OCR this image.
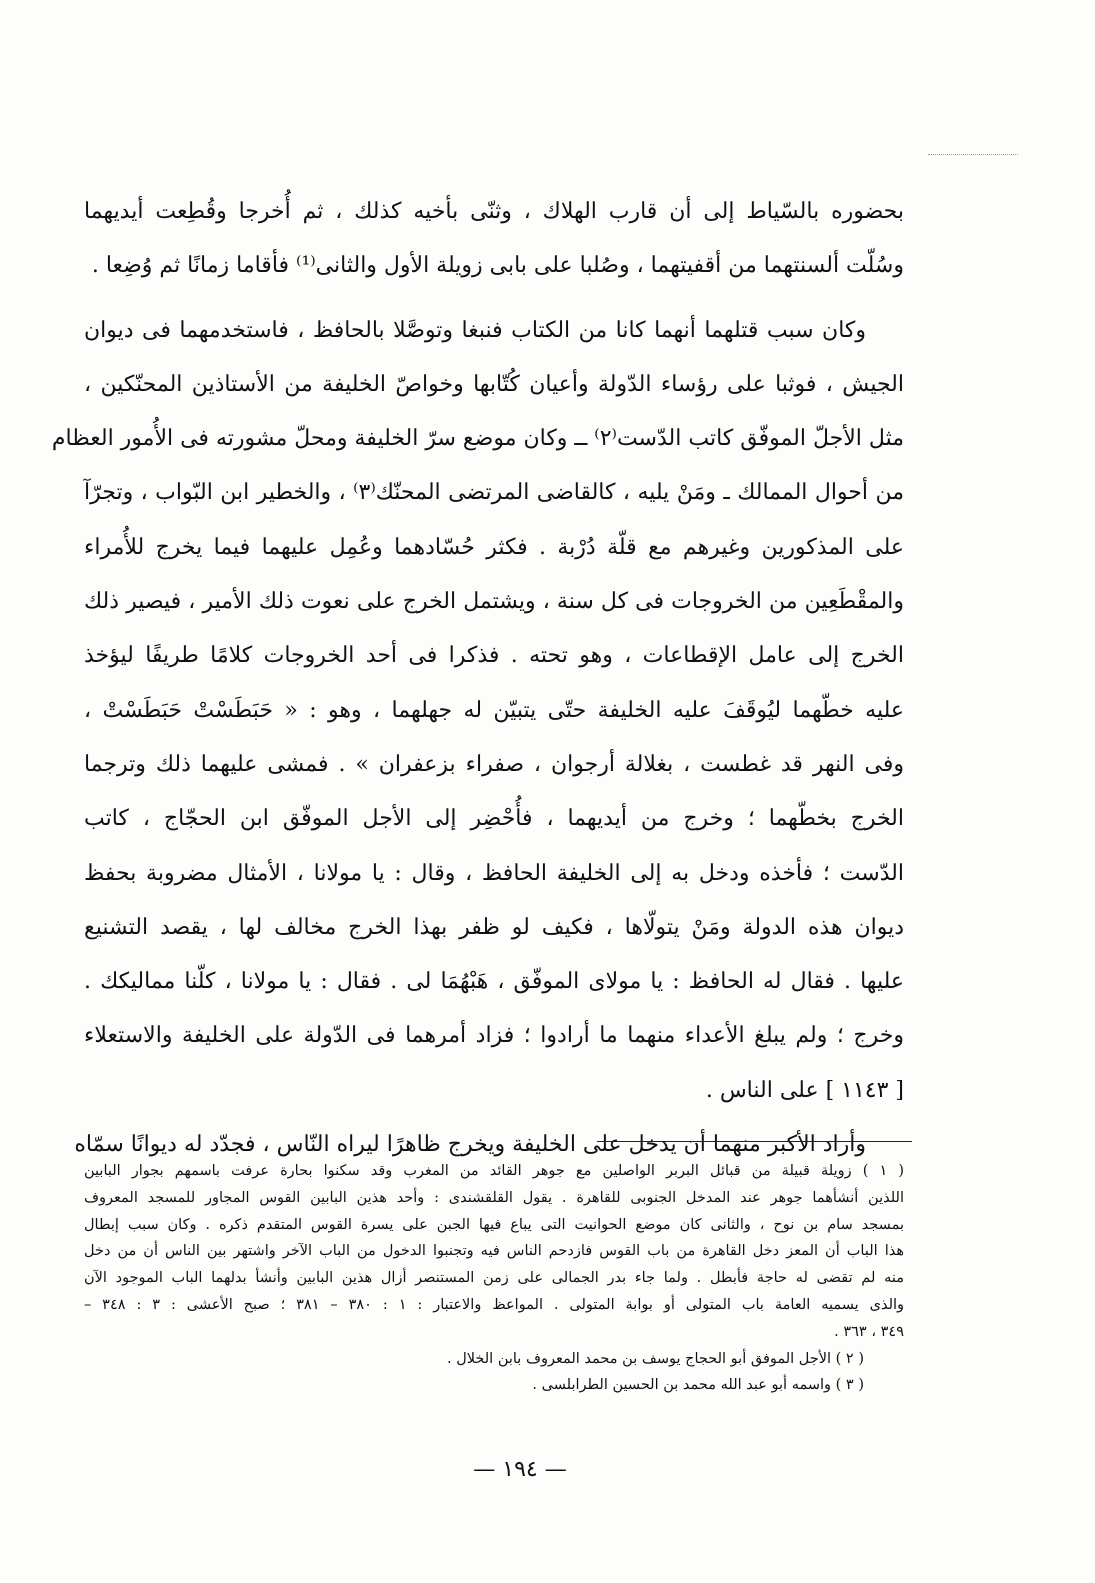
بحضوره بالسّياط إلى أن قارب الهلاك ، وثنّى بأخيه كذلك ، ثم أُخرجا وقُطِعت أيديهما
وسُلّت ألسنتهما من أقفيتهما ، وصُلبا على بابى زويلة الأول والثانى⁽¹⁾ فأقاما زمانًا ثم وُضِعا .
وكان سبب قتلهما أنهما كانا من الكتاب فنبغا وتوصَّلا بالحافظ ، فاستخدمهما فى ديوان
الجيش ، فوثبا على رؤساء الدّولة وأعيان كُتّابها وخواصّ الخليفة من الأستاذين المحنّكين ،
مثل الأجلّ الموفّق كاتب الدّست⁽٢⁾ ــ وكان موضع سرّ الخليفة ومحلّ مشورته فى الأُمور العظام
من أحوال الممالك ـ ومَنْ يليه ، كالقاضى المرتضى المحنّك⁽٣⁾ ، والخطير ابن البّواب ، وتجرّآ
على المذكورين وغيرهم مع قلّة دُرْبة . فكثر حُسّادهما وعُمِل عليهما فيما يخرج للأُمراء
والمقْطَعِين من الخروجات فى كل سنة ، ويشتمل الخرج على نعوت ذلك الأمير ، فيصير ذلك
الخرج إلى عامل الإقطاعات ، وهو تحته . فذكرا فى أحد الخروجات كلامًا طريفًا ليؤخذ
عليه خطّهما ليُوقَفَ عليه الخليفة حتّى يتبيّن له جهلهما ، وهو : « حَبَطَسْتْ حَبَطَسْتْ ،
وفى النهر قد غطست ، بغلالة أرجوان ، صفراء بزعفران » . فمشى عليهما ذلك وترجما
الخرج بخطّهما ؛ وخرج من أيديهما ، فأُحْضِر إلى الأجل الموفّق ابن الحجّاج ، كاتب
الدّست ؛ فأخذه ودخل به إلى الخليفة الحافظ ، وقال : يا مولانا ، الأمثال مضروبة بحفظ
ديوان هذه الدولة ومَنْ يتولّاها ، فكيف لو ظفر بهذا الخرج مخالف لها ، يقصد التشنيع
عليها . فقال له الحافظ : يا مولاى الموفّق ، هَبْهُمَا لى . فقال : يا مولانا ، كلّنا مماليكك .
وخرج ؛ ولم يبلغ الأعداء منهما ما أرادوا ؛ فزاد أمرهما فى الدّولة على الخليفة والاستعلاء
[ ١١٤٣ ] على الناس .
وأراد الأكبر منهما أن يدخل على الخليفة ويخرج ظاهرًا ليراه النّاس ، فجدّد له ديوانًا سمّاه
( ١ ) زويلة قبيلة من قبائل البربر الواصلين مع جوهر القائد من المغرب وقد سكنوا بحارة عرفت باسمهم بجوار البابين
اللذين أنشأهما جوهر عند المدخل الجنوبى للقاهرة . يقول القلقشندى : وأحد هذين البابين القوس المجاور للمسجد المعروف
بمسجد سام بن نوح ، والثانى كان موضع الحوانيت التى يباع فيها الجبن على يسرة القوس المتقدم ذكره . وكان سبب إبطال
هذا الباب أن المعز دخل القاهرة من باب القوس فازدحم الناس فيه وتجنبوا الدخول من الباب الآخر واشتهر بين الناس أن من دخل
منه لم تقضى له حاجة فأبطل . ولما جاء بدر الجمالى على زمن المستنصر أزال هذين البابين وأنشأ بدلهما الباب الموجود الآن
والذى يسميه العامة باب المتولى أو بوابة المتولى . المواعظ والاعتبار : ١ : ٣٨٠ – ٣٨١ ؛ صبح الأعشى : ٣ : ٣٤٨ –
٣٤٩ ، ٣٦٣ .
( ٢ ) الأجل الموفق أبو الحجاج يوسف بن محمد المعروف بابن الخلال .
( ٣ ) واسمه أبو عبد الله محمد بن الحسين الطرابلسى .
— ١٩٤ —
